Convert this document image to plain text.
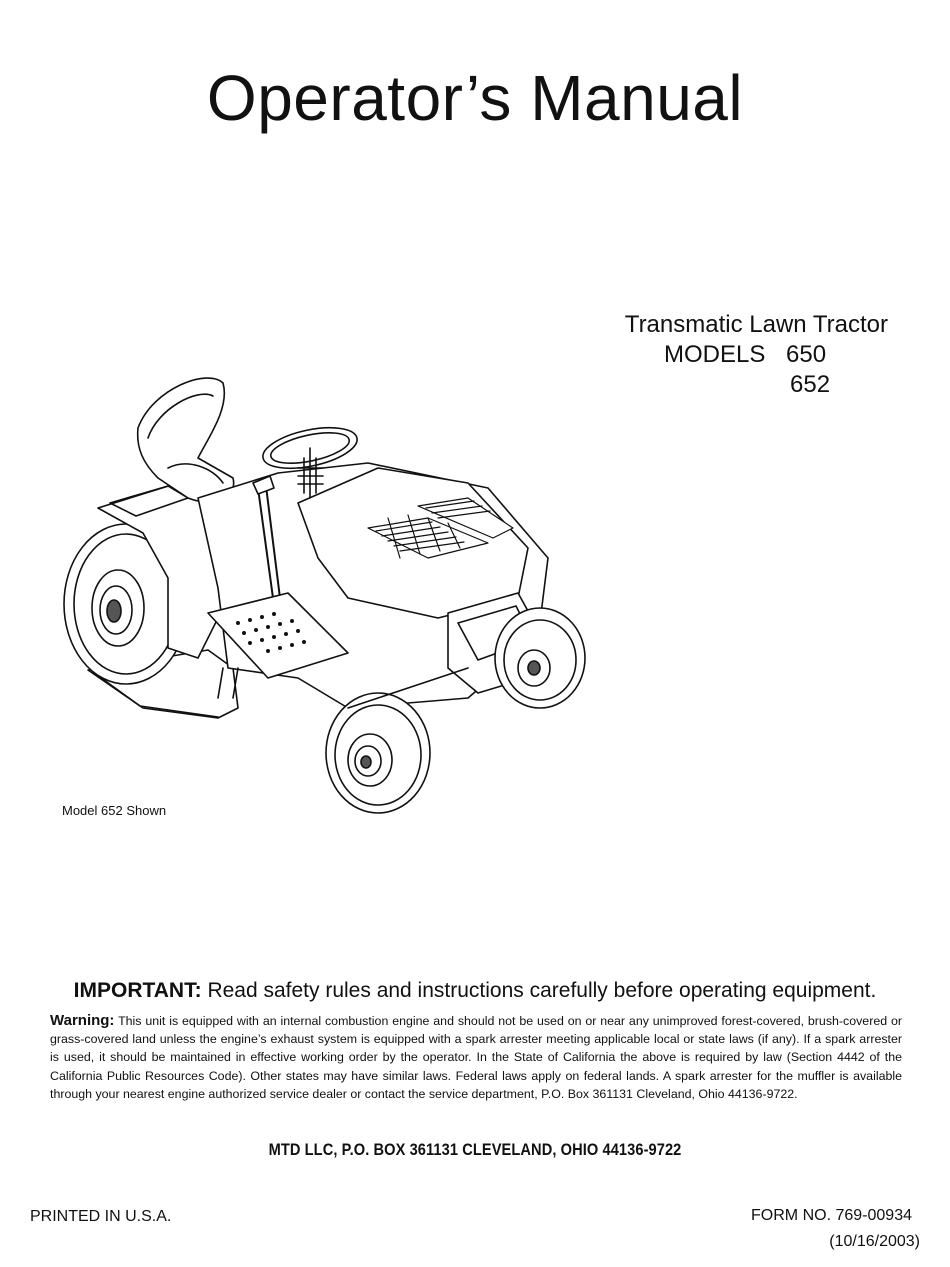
Operator’s Manual
Transmatic Lawn Tractor
MODELS 650
652
Model 652 Shown
IMPORTANT: Read safety rules and instructions carefully before operating equipment.
Warning: This unit is equipped with an internal combustion engine and should not be used on or near any unimproved forest-covered, brush-covered or grass-covered land unless the engine’s exhaust system is equipped with a spark arrester meeting applicable local or state laws (if any). If a spark arrester is used, it should be maintained in effective working order by the operator. In the State of California the above is required by law (Section 4442 of the California Public Resources Code). Other states may have similar laws. Federal laws apply on federal lands. A spark arrester for the muffler is available through your nearest engine authorized service dealer or contact the service department, P.O. Box 361131 Cleveland, Ohio 44136-9722.
MTD LLC, P.O. BOX 361131 CLEVELAND, OHIO 44136-9722
PRINTED IN U.S.A.	FORM NO. 769-00934
(10/16/2003)
